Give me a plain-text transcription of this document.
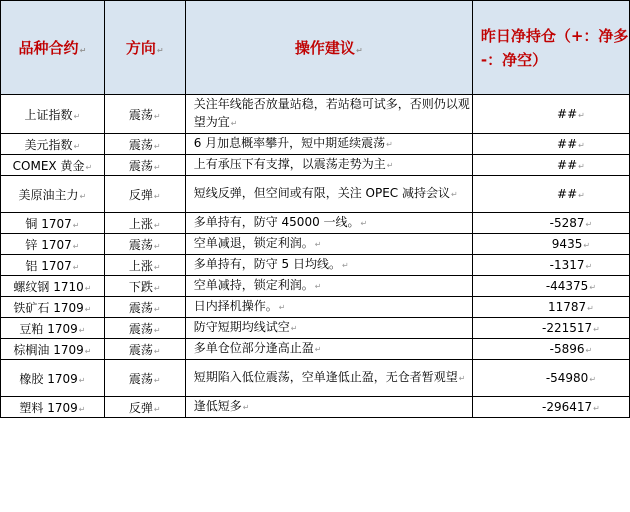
品种合约↵	方向↵	操作建议↵	昨日净持仓（+：净多 -：净空）
上证指数↵	震荡↵	关注年线能否放量站稳，若站稳可试多，否则仍以观望为宜↵	##↵
美元指数↵	震荡↵	6 月加息概率攀升，短中期延续震荡↵	##↵
COMEX 黄金↵	震荡↵	上有承压下有支撑，以震荡走势为主↵	##↵
美原油主力↵	反弹↵	短线反弹，但空间或有限，关注 OPEC 减持会议↵	##↵
铜 1707↵	上涨↵	多单持有，防守 45000 一线。↵	-5287↵
锌 1707↵	震荡↵	空单减退，锁定利润。↵	9435↵
铝 1707↵	上涨↵	多单持有，防守 5 日均线。↵	-1317↵
螺纹钢 1710↵	下跌↵	空单减持，锁定利润。↵	-44375↵
铁矿石 1709↵	震荡↵	日内择机操作。↵	11787↵
豆粕 1709↵	震荡↵	防守短期均线试空↵	-221517↵
棕榈油 1709↵	震荡↵	多单仓位部分逢高止盈↵	-5896↵
橡胶 1709↵	震荡↵	短期陷入低位震荡，空单逢低止盈，无仓者暂观望↵	-54980↵
塑料 1709↵	反弹↵	逢低短多↵	-296417↵
